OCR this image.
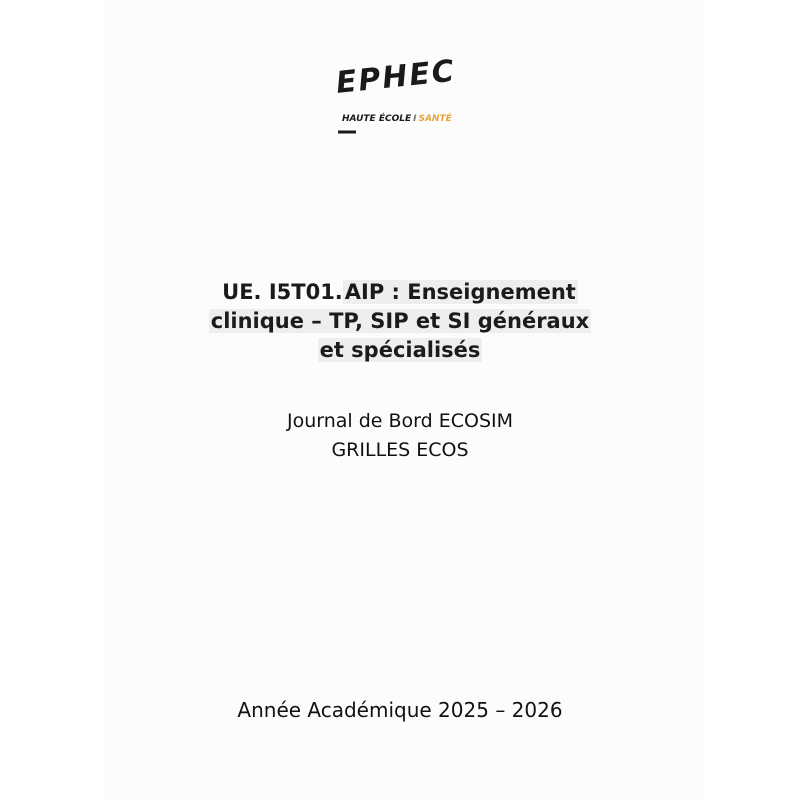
EPHEC
HAUTE ÉCOLE I SANTÉ
UE. I5T01.AIP : Enseignement
clinique – TP, SIP et SI généraux
et spécialisés
Journal de Bord ECOSIM
GRILLES ECOS
Année Académique 2025 – 2026
